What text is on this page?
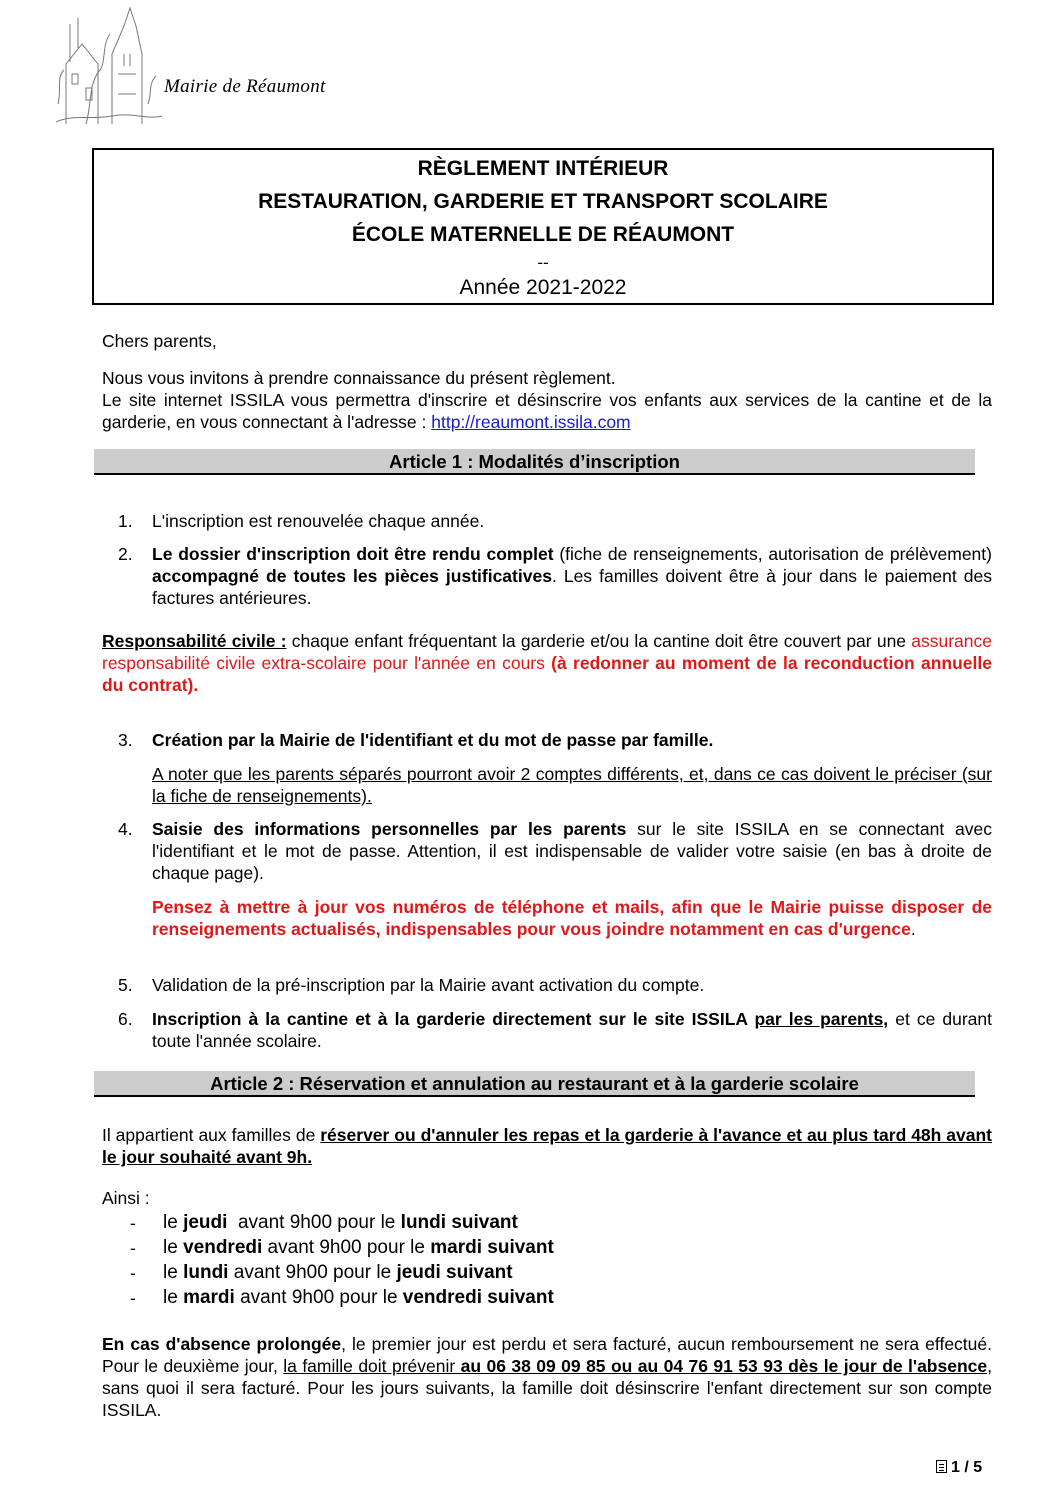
Mairie de Réaumont
RÈGLEMENT INTÉRIEUR
RESTAURATION, GARDERIE ET TRANSPORT SCOLAIRE
ÉCOLE MATERNELLE DE RÉAUMONT
--
Année 2021-2022
Chers parents,
Nous vous invitons à prendre connaissance du présent règlement.
Le site internet ISSILA vous permettra d'inscrire et désinscrire vos enfants aux services de la cantine et de la garderie, en vous connectant à l'adresse : http://reaumont.issila.com
Article 1 : Modalités d’inscription
1.	L'inscription est renouvelée chaque année.
2.	Le dossier d'inscription doit être rendu complet (fiche de renseignements, autorisation de prélèvement) accompagné de toutes les pièces justificatives. Les familles doivent être à jour dans le paiement des factures antérieures.
Responsabilité civile : chaque enfant fréquentant la garderie et/ou la cantine doit être couvert par une assurance responsabilité civile extra-scolaire pour l'année en cours (à redonner au moment de la reconduction annuelle du contrat).
3.	Création par la Mairie de l'identifiant et du mot de passe par famille.
A noter que les parents séparés pourront avoir 2 comptes différents, et, dans ce cas doivent le préciser (sur la fiche de renseignements).
4.	Saisie des informations personnelles par les parents sur le site ISSILA en se connectant avec l'identifiant et le mot de passe. Attention, il est indispensable de valider votre saisie (en bas à droite de chaque page).
Pensez à mettre à jour vos numéros de téléphone et mails, afin que le Mairie puisse disposer de renseignements actualisés, indispensables pour vous joindre notamment en cas d'urgence.
5.	Validation de la pré-inscription par la Mairie avant activation du compte.
6.	Inscription à la cantine et à la garderie directement sur le site ISSILA par les parents, et ce durant toute l'année scolaire.
Article 2 : Réservation et annulation au restaurant et à la garderie scolaire
Il appartient aux familles de réserver ou d'annuler les repas et la garderie à l'avance et au plus tard 48h avant le jour souhaité avant 9h.
Ainsi :
- le jeudi  avant 9h00 pour le lundi suivant
- le vendredi avant 9h00 pour le mardi suivant
- le lundi avant 9h00 pour le jeudi suivant
- le mardi avant 9h00 pour le vendredi suivant
En cas d'absence prolongée, le premier jour est perdu et sera facturé, aucun remboursement ne sera effectué. Pour le deuxième jour, la famille doit prévenir au 06 38 09 09 85 ou au 04 76 91 53 93 dès le jour de l'absence, sans quoi il sera facturé. Pour les jours suivants, la famille doit désinscrire l'enfant directement sur son compte ISSILA.
1 / 5
